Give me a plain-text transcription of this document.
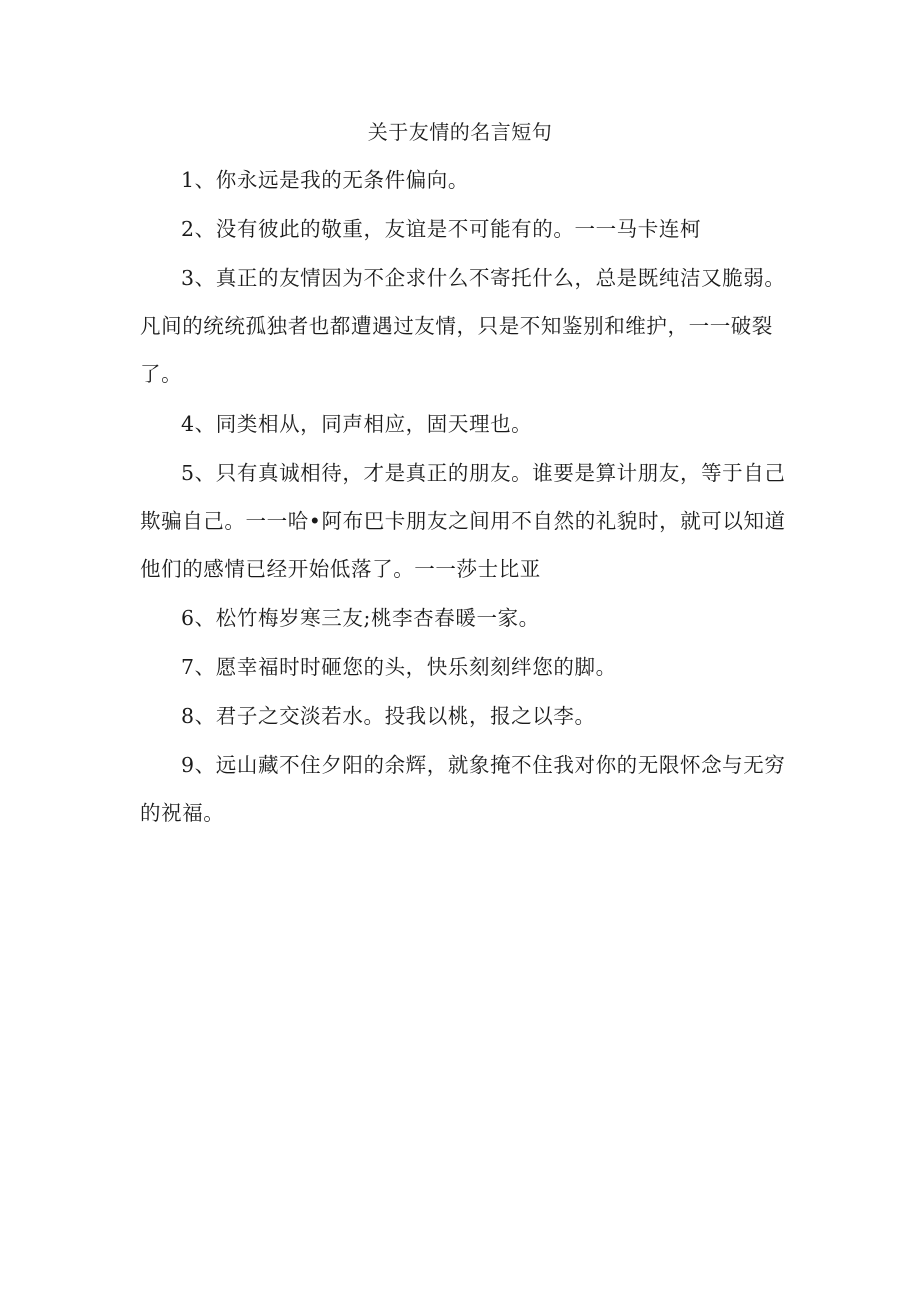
关于友情的名言短句

1、你永远是我的无条件偏向。

2、没有彼此的敬重，友谊是不可能有的。一一马卡连柯

3、真正的友情因为不企求什么不寄托什么，总是既纯洁又脆弱。凡间的统统孤独者也都遭遇过友情，只是不知鉴别和维护，一一破裂了。

4、同类相从，同声相应，固天理也。

5、只有真诚相待，才是真正的朋友。谁要是算计朋友，等于自己欺骗自己。一一哈•阿布巴卡朋友之间用不自然的礼貌时，就可以知道他们的感情已经开始低落了。一一莎士比亚

6、松竹梅岁寒三友;桃李杏春暖一家。

7、愿幸福时时砸您的头，快乐刻刻绊您的脚。

8、君子之交淡若水。投我以桃，报之以李。

9、远山藏不住夕阳的余辉，就象掩不住我对你的无限怀念与无穷的祝福。
